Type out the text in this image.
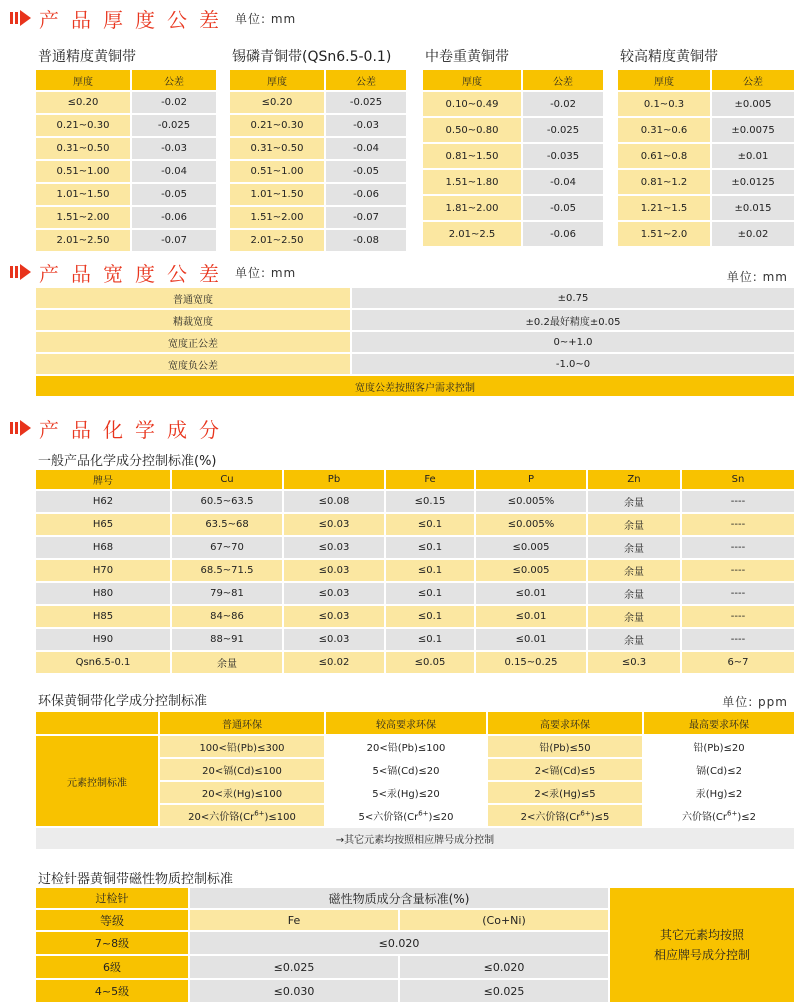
产品厚度公差 单位: mm
普通精度黄铜带	锡磷青铜带(QSn6.5-0.1) 中卷重黄铜带	较高精度黄铜带
厚度	公差
≤0.20	-0.02
0.21~0.30	-0.025
0.31~0.50	-0.03
0.51~1.00	-0.04
1.01~1.50	-0.05
1.51~2.00	-0.06
2.01~2.50	-0.07
厚度	公差
≤0.20	-0.025
0.21~0.30	-0.03
0.31~0.50	-0.04
0.51~1.00	-0.05
1.01~1.50	-0.06
1.51~2.00	-0.07
2.01~2.50	-0.08
厚度	公差
0.10~0.49	-0.02
0.50~0.80	-0.025
0.81~1.50	-0.035
1.51~1.80	-0.04
1.81~2.00	-0.05
2.01~2.5	-0.06
厚度	公差
0.1~0.3	±0.005
0.31~0.6	±0.0075
0.61~0.8	±0.01
0.81~1.2	±0.0125
1.21~1.5	±0.015
1.51~2.0	±0.02
产品宽度公差 单位: mm	单位: mm
普通宽度	±0.75
精裁宽度	±0.2最好精度±0.05
宽度正公差	0~+1.0
宽度负公差	-1.0~0
宽度公差按照客户需求控制	
产品化学成分
一般产品化学成分控制标准(%)
牌号	Cu	Pb	Fe	P	Zn	Sn
H62	60.5~63.5	≤0.08	≤0.15	≤0.005%	余量	----
H65	63.5~68	≤0.03	≤0.1	≤0.005%	余量	----
H68	67~70	≤0.03	≤0.1	≤0.005	余量	----
H70	68.5~71.5	≤0.03	≤0.1	≤0.005	余量	----
H80	79~81	≤0.03	≤0.1	≤0.01	余量	----
H85	84~86	≤0.03	≤0.1	≤0.01	余量	----
H90	88~91	≤0.03	≤0.1	≤0.01	余量	----
Qsn6.5-0.1	余量	≤0.02	≤0.05	0.15~0.25	≤0.3	6~7
环保黄铜带化学成分控制标准	单位: ppm
	普通环保	较高要求环保	高要求环保	最高要求环保
元素控制标准	100<铅(Pb)≤300	20<铅(Pb)≤100	铅(Pb)≤50	铅(Pb)≤20
	20<镉(Cd)≤100	5<镉(Cd)≤20	2<镉(Cd)≤5	镉(Cd)≤2
	20<汞(Hg)≤100	5<汞(Hg)≤20	2<汞(Hg)≤5	汞(Hg)≤2
	20<六价铬$(Cr^{6+})\le 100$	5<六价铬$(Cr^{6+})\le 20$	2<六价铬$(Cr^{6+})\le 5$	六价铬$(Cr^{6+})\le 2$
→其它元素均按照相应牌号成分控制				
过检针器黄铜带磁性物质控制标准
过检针	磁性物质成分含量标准(%)		其它元素均按照
相应牌号成分控制

等级	Fe	(Co+Ni)	
7~8级	≤0.020		
6级	≤0.025	≤0.020	
4~5级	≤0.030	≤0.025	
